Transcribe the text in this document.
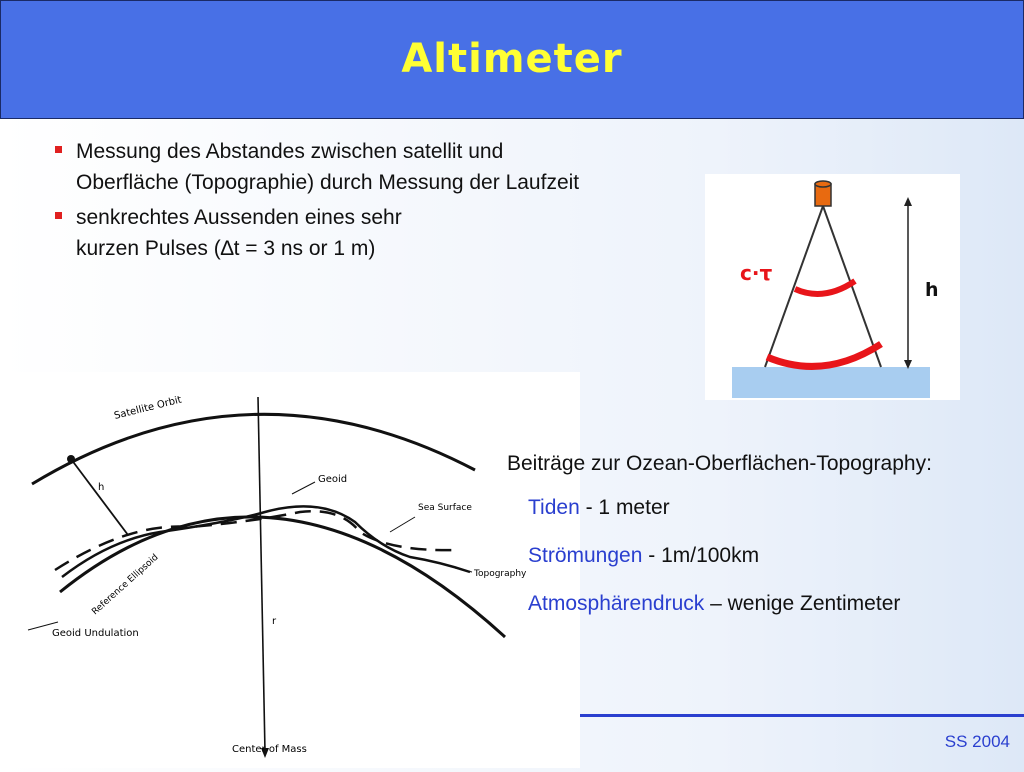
Altimeter
Messung des Abstandes zwischen satellit und Oberfläche (Topographie) durch Messung der Laufzeit
senkrechtes Aussenden eines sehr kurzen Pulses (∆t = 3 ns or 1 m)
c·τ
h
Satellite Orbit
h
Geoid
Sea Surface
Topography
Reference Ellipsoid
Geoid Undulation
r
Center of Mass
Beiträge zur Ozean-Oberflächen-Topography:
Tiden - 1 meter
Strömungen - 1m/100km
Atmosphärendruck – wenige Zentimeter
SS 2004
